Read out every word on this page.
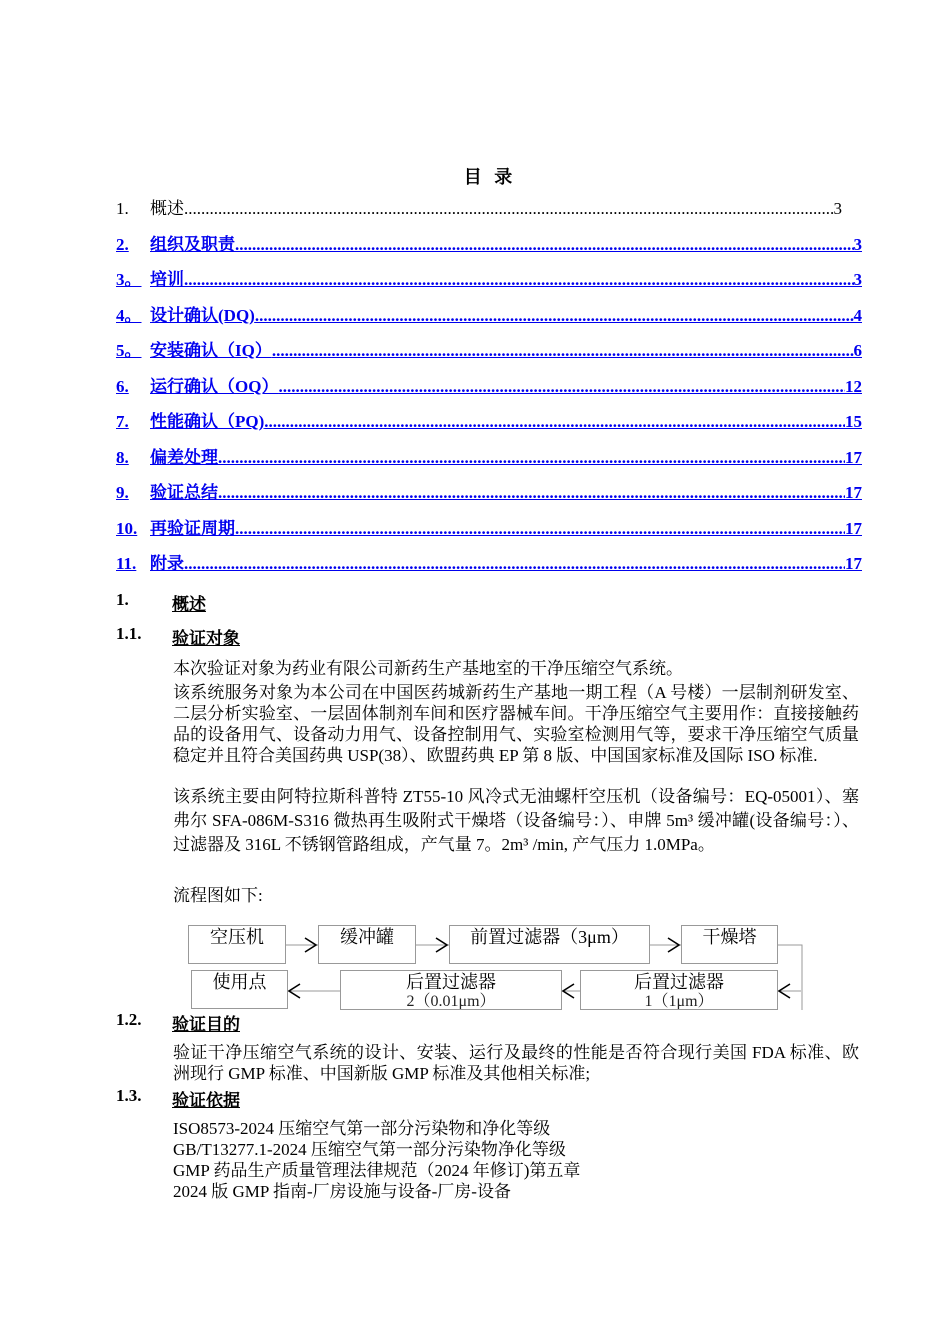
目 录
1.	概述 .....	3
2.	组织及职责 .....	3
3。 培训 .....	3
4。 设计确认(DQ) .....	4
5。 安装确认（IQ） .....	6
6.	运行确认（OQ） .....	12
7.	性能确认（PQ) .....	15
8.	偏差处理 .....	17
9.	验证总结 .....	17
10. 再验证周期 .....	17
11. 附录 .....	17
1.	概述
1.1. 验证对象
本次验证对象为药业有限公司新药生产基地室的干净压缩空气系统。
该系统服务对象为本公司在中国医药城新药生产基地一期工程（A 号楼）一层制剂研发室、二层分析实验室、一层固体制剂车间和医疗器械车间。干净压缩空气主要用作：直接接触药品的设备用气、设备动力用气、设备控制用气、实验室检测用气等，要求干净压缩空气质量稳定并且符合美国药典 USP(38）、欧盟药典 EP 第 8 版、中国国家标准及国际 ISO 标准.
该系统主要由阿特拉斯科普特 ZT55-10 风冷式无油螺杆空压机（设备编号：EQ-05001）、塞弗尔 SFA-086M-S316 微热再生吸附式干燥塔（设备编号：）、申牌 5m³ 缓冲罐(设备编号：）、过滤器及 316L 不锈钢管路组成，产气量 7。2m³ /min, 产气压力 1.0MPa。
流程图如下:
空压机	缓冲罐	前置过滤器（3μm）	干燥塔
使用点	后置过滤器
2（0.01μm）
后置过滤器
1（1μm）
1.2. 验证目的
验证干净压缩空气系统的设计、安装、运行及最终的性能是否符合现行美国 FDA 标准、欧洲现行 GMP 标准、中国新版 GMP 标准及其他相关标准;
1.3. 验证依据
ISO8573-2024 压缩空气第一部分污染物和净化等级
GB/T13277.1-2024 压缩空气第一部分污染物净化等级
GMP 药品生产质量管理法律规范（2024 年修订)第五章
2024 版 GMP 指南-厂房设施与设备-厂房-设备
